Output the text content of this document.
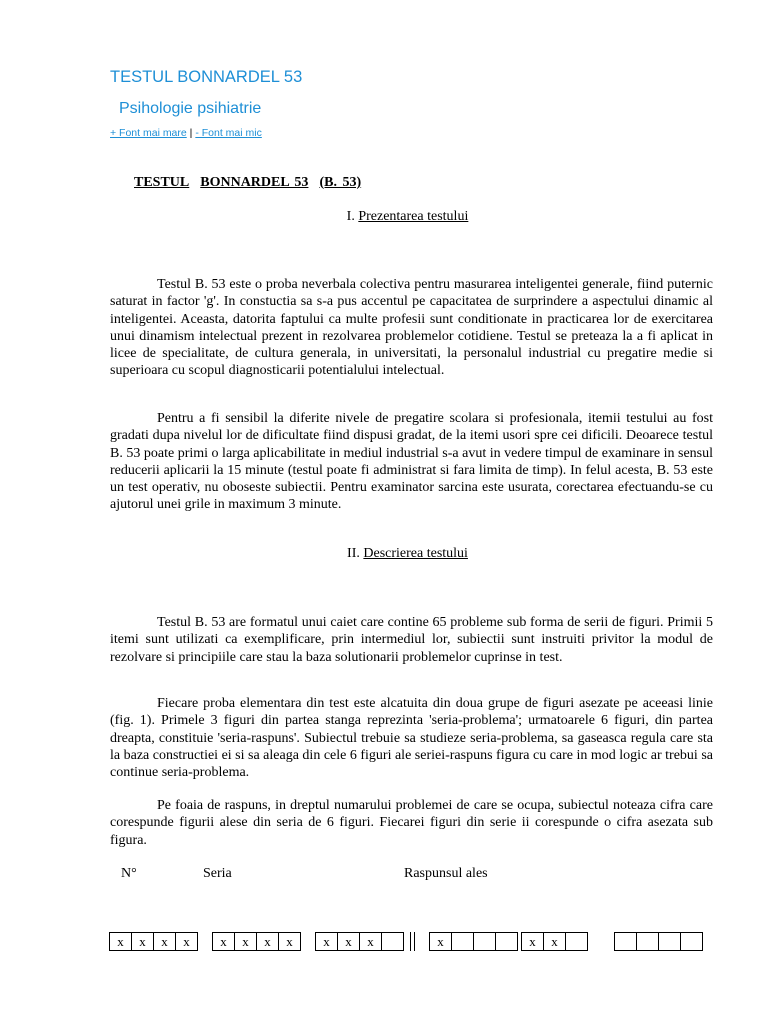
TESTUL BONNARDEL 53
Psihologie psihiatrie
+ Font mai mare | - Font mai mic
TESTUL BONNARDEL 53 (B. 53)
I. Prezentarea testului

Testul B. 53 este o proba neverbala colectiva pentru masurarea inteligentei generale, fiind puternic saturat in factor 'g'. In constuctia sa s-a pus accentul pe capacitatea de surprindere a aspectului dinamic al inteligentei. Aceasta, datorita faptului ca multe profesii sunt conditionate in practicarea lor de exercitarea unui dinamism intelectual prezent in rezolvarea problemelor cotidiene. Testul se preteaza la a fi aplicat in licee de specialitate, de cultura generala, in universitati, la personalul industrial cu pregatire medie si superioara cu scopul diagnosticarii potentialului intelectual.

Pentru a fi sensibil la diferite nivele de pregatire scolara si profesionala, itemii testului au fost gradati dupa nivelul lor de dificultate fiind dispusi gradat, de la itemi usori spre cei dificili. Deoarece testul B. 53 poate primi o larga aplicabilitate in mediul industrial s-a avut in vedere timpul de examinare in sensul reducerii aplicarii la 15 minute (testul poate fi administrat si fara limita de timp). In felul acesta, B. 53 este un test operativ, nu oboseste subiectii. Pentru examinator sarcina este usurata, corectarea efectuandu-se cu ajutorul unei grile in maximum 3 minute.

II. Descrierea testului

Testul B. 53 are formatul unui caiet care contine 65 probleme sub forma de serii de figuri. Primii 5 itemi sunt utilizati ca exemplificare, prin intermediul lor, subiectii sunt instruiti privitor la modul de rezolvare si principiile care stau la baza solutionarii problemelor cuprinse in test.

Fiecare proba elementara din test este alcatuita din doua grupe de figuri asezate pe aceeasi linie (fig. 1). Primele 3 figuri din partea stanga reprezinta 'seria-problema'; urmatoarele 6 figuri, din partea dreapta, constituie 'seria-raspuns'. Subiectul trebuie sa studieze seria-problema, sa gaseasca regula care sta la baza constructiei ei si sa aleaga din cele 6 figuri ale seriei-raspuns figura cu care in mod logic ar trebui sa continue seria-problema.

Pe foaia de raspuns, in dreptul numarului problemei de care se ocupa, subiectul noteaza cifra care corespunde figurii alese din seria de 6 figuri. Fiecarei figuri din serie ii corespunde o cifra asezata sub figura.

N°	Seria	Raspunsul ales
x	x	x	x	x	x	x	x	x	x	x	x	x	x
